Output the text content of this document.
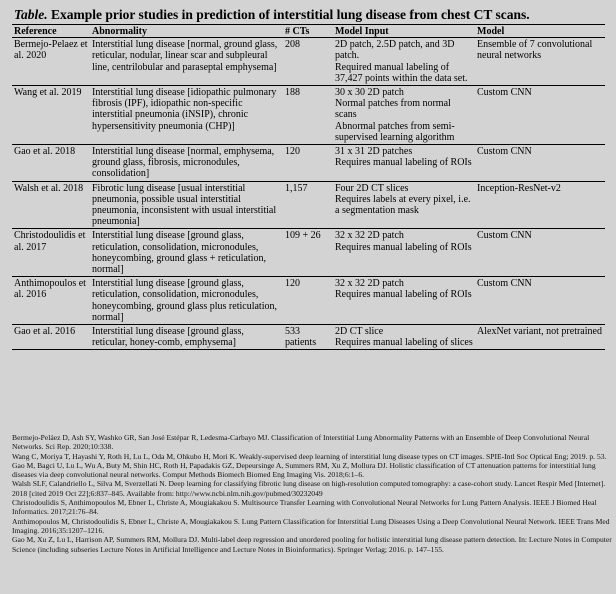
Table. Example prior studies in prediction of interstitial lung disease from chest CT scans.
Reference	Abnormality	# CTs	Model Input	Model
Bermejo-Pelaez et al. 2020	Interstitial lung disease [normal, ground glass, reticular, nodular, linear scar and subpleural line, centrilobular and paraseptal emphysema]	208	2D patch, 2.5D patch, and 3D patch.
Required manual labeling of 37,427 points within the data set.	Ensemble of 7 convolutional neural networks
Wang et al. 2019	Interstitial lung disease [idiopathic pulmonary fibrosis (IPF), idiopathic non-specific interstitial pneumonia (iNSIP), chronic hypersensitivity pneumonia (CHP)]	188	30 x 30 2D patch
Normal patches from normal scans
Abnormal patches from semi-supervised learning algorithm	Custom CNN
Gao et al. 2018	Interstitial lung disease [normal, emphysema, ground glass, fibrosis, micronodules, consolidation]	120	31 x 31 2D patches
Requires manual labeling of ROIs	Custom CNN
Walsh et al. 2018	Fibrotic lung disease [usual interstitial pneumonia, possible usual interstitial pneumonia, inconsistent with usual interstitial pneumonia]	1,157	Four 2D CT slices
Requires labels at every pixel, i.e. a segmentation mask	Inception-ResNet-v2
Christodoulidis et al. 2017	Interstitial lung disease [ground glass, reticulation, consolidation, micronodules, honeycombing, ground glass + reticulation, normal]	109 + 26	32 x 32 2D patch
Requires manual labeling of ROIs	Custom CNN
Anthimopoulos et al. 2016	Interstitial lung disease [ground glass, reticulation, consolidation, micronodules, honeycombing, ground glass plus reticulation, normal]	120	32 x 32 2D patch
Requires manual labeling of ROIs	Custom CNN
Gao et al. 2016	Interstitial lung disease [ground glass, reticular, honey-comb, emphysema]	533 patients	2D CT slice
Requires manual labeling of slices	AlexNet variant, not pretrained
Bermejo-Peláez D, Ash SY, Washko GR, San José Estépar R, Ledesma-Carbayo MJ. Classification of Interstitial Lung Abnormality Patterns with an Ensemble of Deep Convolutional Neural Networks. Sci Rep. 2020;10:338.
Wang C, Moriya T, Hayashi Y, Roth H, Lu L, Oda M, Ohkubo H, Mori K. Weakly-supervised deep learning of interstitial lung disease types on CT images. SPIE-Intl Soc Optical Eng; 2019. p. 53.
Gao M, Bagci U, Lu L, Wu A, Buty M, Shin HC, Roth H, Papadakis GZ, Depeursinge A, Summers RM, Xu Z, Mollura DJ. Holistic classification of CT attenuation patterns for interstitial lung diseases via deep convolutional neural networks. Comput Methods Biomech Biomed Eng Imaging Vis. 2018;6:1–6.
Walsh SLF, Calandriello L, Silva M, Sverzellati N. Deep learning for classifying fibrotic lung disease on high-resolution computed tomography: a case-cohort study. Lancet Respir Med [Internet]. 2018 [cited 2019 Oct 22];6:837–845. Available from: http://www.ncbi.nlm.nih.gov/pubmed/30232049
Christodoulidis S, Anthimopoulos M, Ebner L, Christe A, Mougiakakou S. Multisource Transfer Learning with Convolutional Neural Networks for Lung Pattern Analysis. IEEE J Biomed Heal Informatics. 2017;21:76–84.
Anthimopoulos M, Christodoulidis S, Ebner L, Christe A, Mougiakakou S. Lung Pattern Classification for Interstitial Lung Diseases Using a Deep Convolutional Neural Network. IEEE Trans Med Imaging. 2016;35:1207–1216.
Gao M, Xu Z, Lu L, Harrison AP, Summers RM, Mollura DJ. Multi-label deep regression and unordered pooling for holistic interstitial lung disease pattern detection. In: Lecture Notes in Computer Science (including subseries Lecture Notes in Artificial Intelligence and Lecture Notes in Bioinformatics). Springer Verlag; 2016. p. 147–155.
